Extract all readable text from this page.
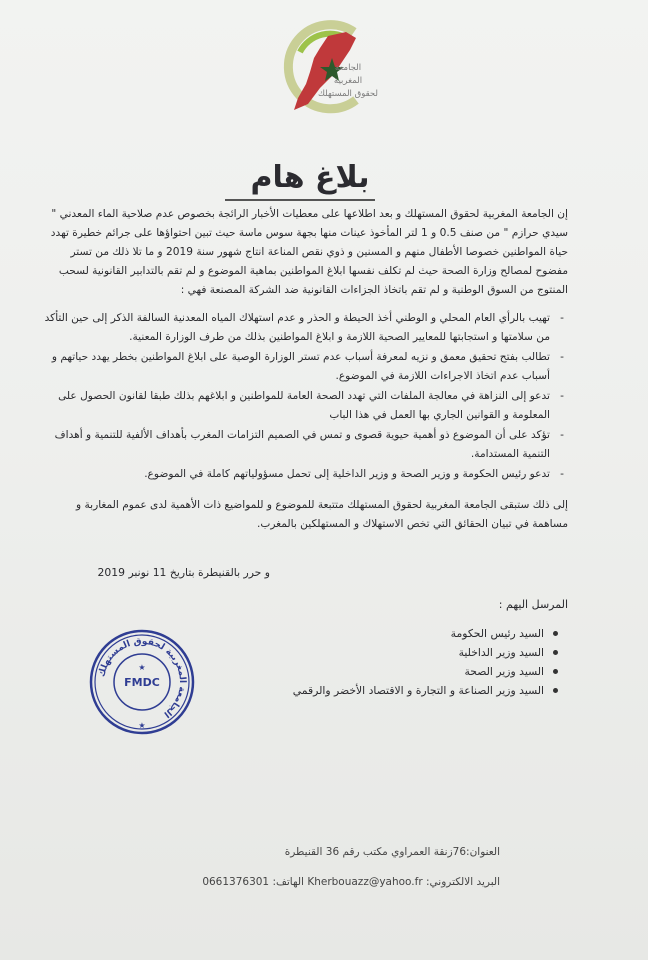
الجامعة
المغربية
لحقوق المستهلك
بلاغ هام

إن الجامعة المغربية لحقوق المستهلك و بعد اطلاعها على معطيات الأخبار الرائجة بخصوص عدم صلاحية الماء المعدني " سيدي حرازم " من صنف 0.5 و 1 لتر المأخوذ عينات منها بجهة سوس ماسة حيث تبين احتواؤها على جرائم خطيرة تهدد حياة المواطنين خصوصا الأطفال منهم و المسنين و ذوي نقص المناعة انتاج شهور سنة 2019 و ما تلا ذلك من تستر مفضوح لمصالح وزارة الصحة حيث لم تكلف نفسها ابلاغ المواطنين بماهية الموضوع و لم تقم بالتدابير القانونية لسحب المنتوج من السوق الوطنية و لم تقم باتخاذ الجزاءات القانونية ضد الشركة المصنعة فهي :

تهيب بالرأي العام المحلي و الوطني أخذ الحيطة و الحذر و عدم استهلاك المياه المعدنية السالفة الذكر إلى حين التأكد من سلامتها و استجابتها للمعايير الصحية اللازمة و ابلاغ المواطنين بذلك من طرف الوزارة المعنية. -
تطالب بفتح تحقيق معمق و نزيه لمعرفة أسباب عدم تستر الوزارة الوصية على ابلاغ المواطنين بخطر يهدد حياتهم و أسباب عدم اتخاذ الاجراءات اللازمة في الموضوع. -
تدعو إلى النزاهة في معالجة الملفات التي تهدد الصحة العامة للمواطنين و ابلاغهم بذلك طبقا لقانون الحصول على المعلومة و القوانين الجاري بها العمل في هذا الباب -
تؤكد على أن الموضوع ذو أهمية حيوية قصوى و تمس في الصميم التزامات المغرب بأهداف الألفية للتنمية و أهداف التنمية المستدامة. -
تدعو رئيس الحكومة و وزير الصحة و وزير الداخلية إلى تحمل مسؤولياتهم كاملة في الموضوع. -

إلى ذلك ستبقى الجامعة المغربية لحقوق المستهلك متتبعة للموضوع و للمواضيع ذات الأهمية لدى عموم المغاربة و مساهمة في تبيان الحقائق التي تخص الاستهلاك و المستهلكين بالمغرب.

و حرر بالقنيطرة بتاريخ 11 نونبر 2019
المرسل اليهم :
السيد رئيس الحكومة
السيد وزير الداخلية
السيد وزير الصحة
السيد وزير الصناعة و التجارة و الاقتصاد الأخضر والرقمي
الجامعة المغربية لحقوق المستهلك
FMDC
★
★
العنوان:76زنقة العمراوي مكتب رقم 36 القنيطرة
البريد الالكتروني: Kherbouazz@yahoo.fr الهاتف: 0661376301
